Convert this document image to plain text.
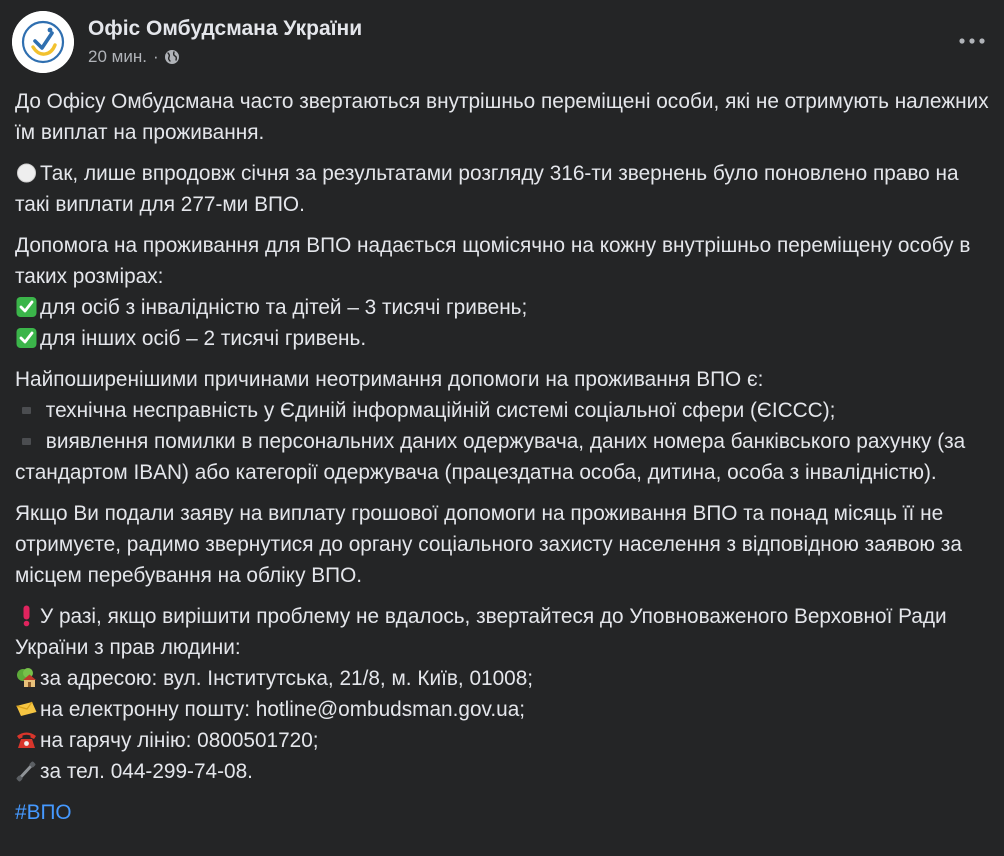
Офіс Омбудсмана України
20 мин. ·

До Офісу Омбудсмана часто звертаються внутрішньо переміщені особи, які не отримують належних їм виплат на проживання.

Так, лише впродовж січня за результатами розгляду 316-ти звернень було поновлено право на такі виплати для 277-ми ВПО.

Допомога на проживання для ВПО надається щомісячно на кожну внутрішньо переміщену особу в таких розмірах:
для осіб з інвалідністю та дітей – 3 тисячі гривень;
для інших осіб – 2 тисячі гривень.

Найпоширенішими причинами неотримання допомоги на проживання ВПО є:
технічна несправність у Єдиній інформаційній системі соціальної сфери (ЄІССС);
виявлення помилки в персональних даних одержувача, даних номера банківського рахунку (за стандартом IBAN) або категорії одержувача (працездатна особа, дитина, особа з інвалідністю).

Якщо Ви подали заяву на виплату грошової допомоги на проживання ВПО та понад місяць її не отримуєте, радимо звернутися до органу соціального захисту населення з відповідною заявою за місцем перебування на обліку ВПО.

У разі, якщо вирішити проблему не вдалось, звертайтеся до Уповноваженого Верховної Ради України з прав людини:
за адресою: вул. Інститутська, 21/8, м. Київ, 01008;
на електронну пошту: hotline@ombudsman.gov.ua;
на гарячу лінію: 0800501720;
за тел. 044-299-74-08.

#ВПО
